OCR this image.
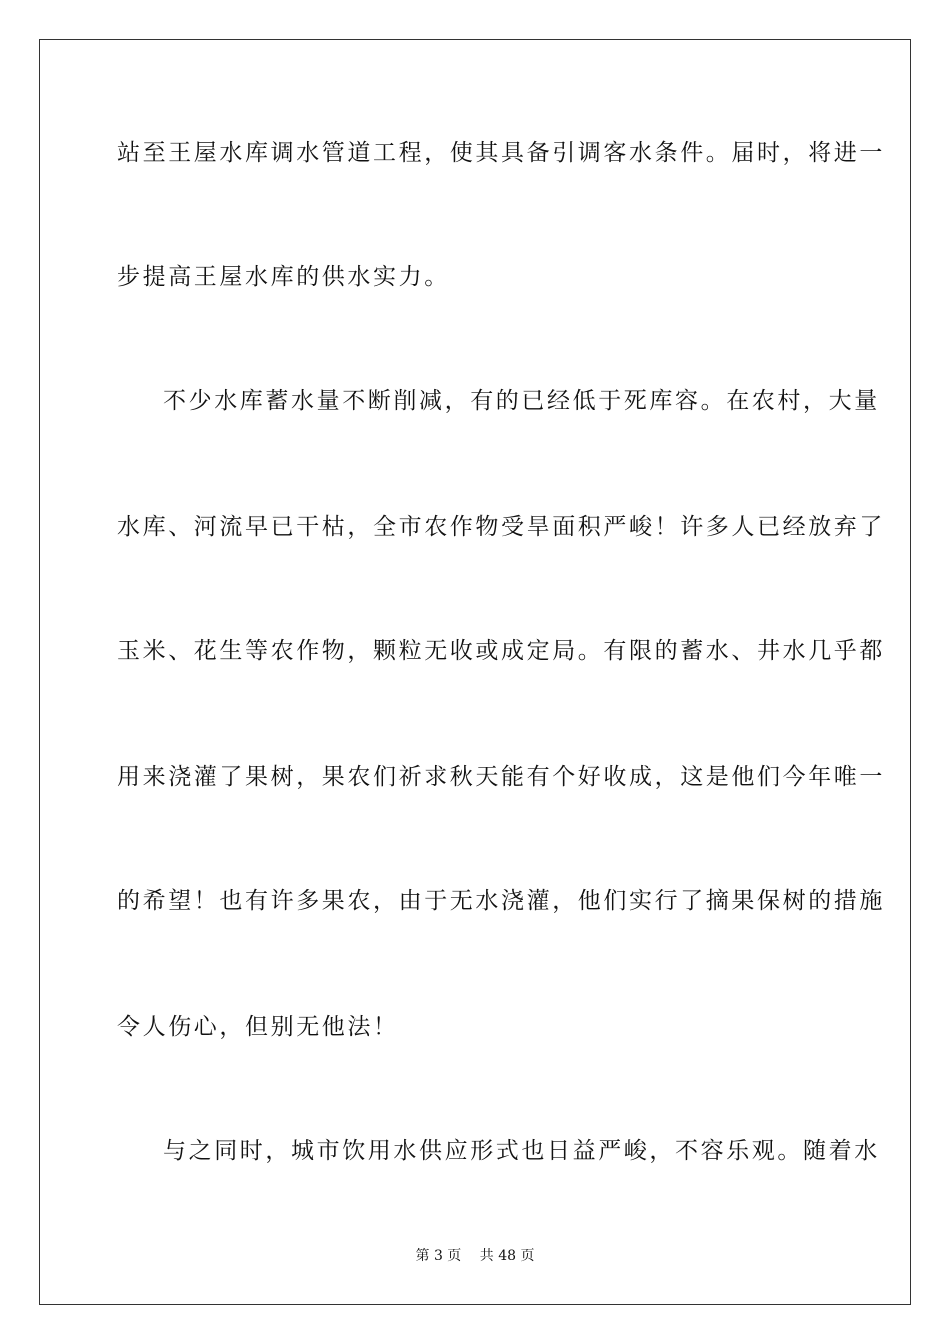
站至王屋水库调水管道工程，使其具备引调客水条件。届时，将进一
步提高王屋水库的供水实力。
不少水库蓄水量不断削减，有的已经低于死库容。在农村，大量
水库、河流早已干枯，全市农作物受旱面积严峻！许多人已经放弃了
玉米、花生等农作物，颗粒无收或成定局。有限的蓄水、井水几乎都
用来浇灌了果树，果农们祈求秋天能有个好收成，这是他们今年唯一
的希望！也有许多果农，由于无水浇灌，他们实行了摘果保树的措施
令人伤心，但别无他法！
与之同时，城市饮用水供应形式也日益严峻，不容乐观。随着水
第 3 页 共 48 页
